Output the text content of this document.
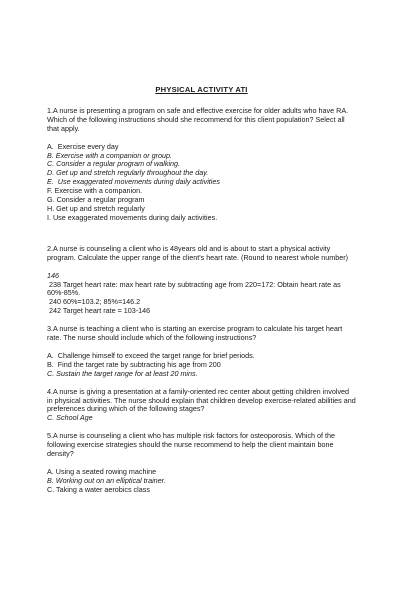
PHYSICAL ACTIVITY ATI

1.A nurse is presenting a program on safe and effective exercise for older adults who have RA. Which of the following instructions should she recommend for this client population? Select all that apply.

A.  Exercise every day

B. Exercise with a companion or group.

C. Consider a regular program of walking.

D. Get up and stretch regularly throughout the day.

E.  Use exaggerated movements during daily activities

F. Exercise with a companion.

G. Consider a regular program

H. Get up and stretch regularly

I. Use exaggerated movements during daily activities.

2.A nurse is counseling a client who is 48years old and is about to start a physical activity program. Calculate the upper range of the client's heart rate. (Round to nearest whole number)

146

238 Target heart rate: max heart rate by subtracting age from 220=172: Obtain heart rate as 60%-85%.

240 60%=103.2; 85%=146.2

242 Target heart rate = 103-146

3.A nurse is teaching a client who is starting an exercise program to calculate his target heart rate. The nurse should include which of the following instructions?

A.  Challenge himself to exceed the target range for brief periods.

B.  Find the target rate by subtracting his age from 200

C. Sustain the target range for at least 20 mins.

4.A nurse is giving a presentation at a family-oriented rec center about getting children involved in physical activities. The nurse should explain that children develop exercise-related abilities and preferences during which of the following stages?

C. School Age

5.A nurse is counseling a client who has multiple risk factors for osteoporosis. Which of the following exercise strategies should the nurse recommend to help the client maintain bone density?

A. Using a seated rowing machine

B. Working out on an elliptical trainer.

C. Taking a water aerobics class
